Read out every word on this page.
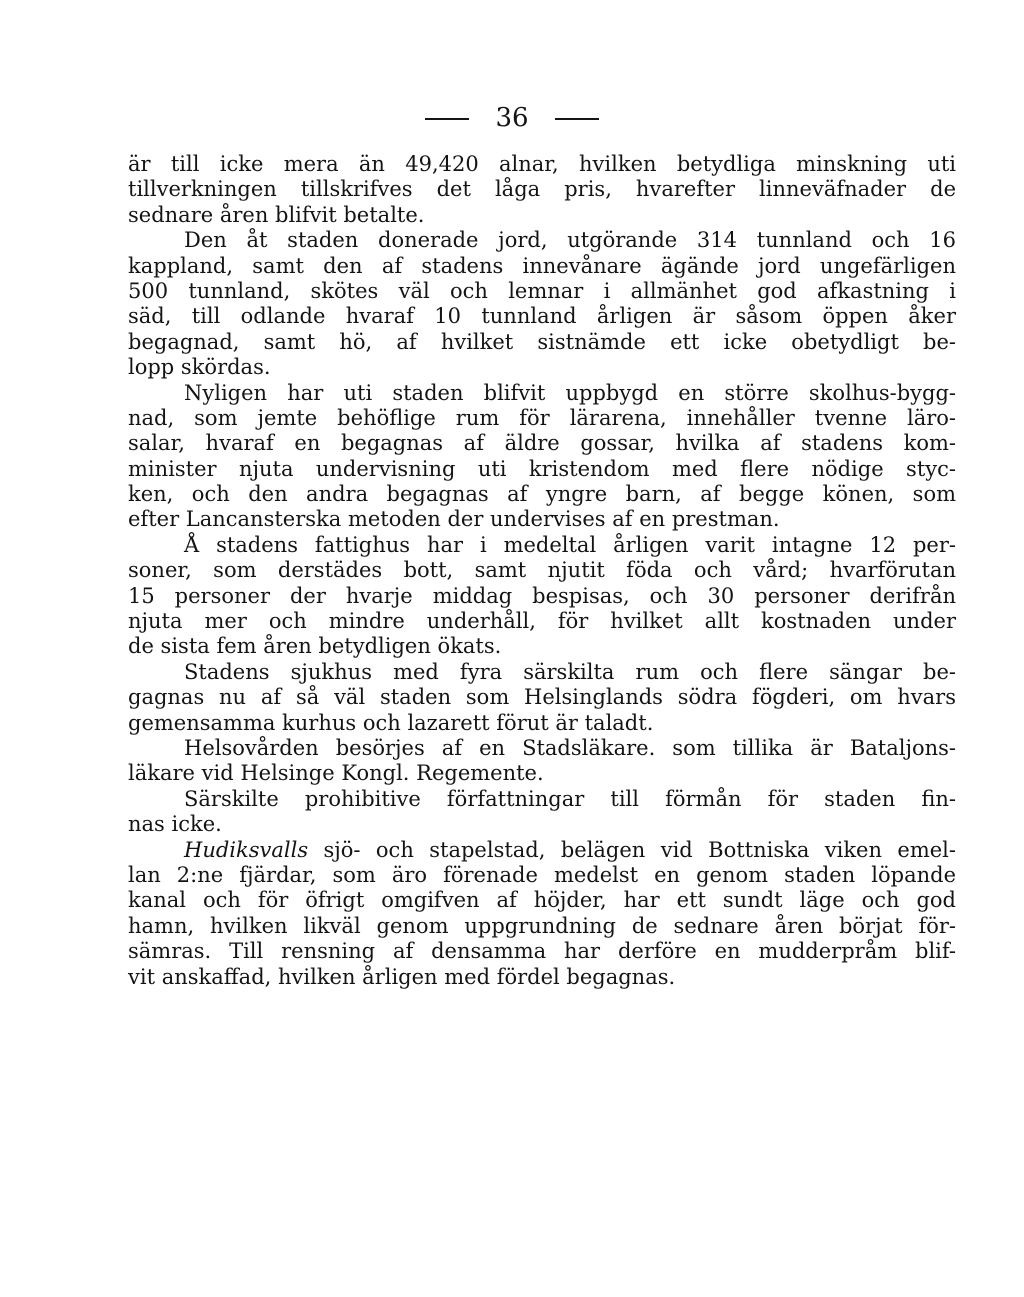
36
är till icke mera än 49,420 alnar, hvilken betydliga minskning uti
tillverkningen tillskrifves det låga pris, hvarefter linneväfnader de
sednare åren blifvit betalte.
Den åt staden donerade jord, utgörande 314 tunnland och 16
kappland, samt den af stadens innevånare ägände jord ungefärligen
500 tunnland, skötes väl och lemnar i allmänhet god afkastning i
säd, till odlande hvaraf 10 tunnland årligen är såsom öppen åker
begagnad, samt hö, af hvilket sistnämde ett icke obetydligt be-
lopp skördas.
Nyligen har uti staden blifvit uppbygd en större skolhus-bygg-
nad, som jemte behöflige rum för lärarena, innehåller tvenne läro-
salar, hvaraf en begagnas af äldre gossar, hvilka af stadens kom-
minister njuta undervisning uti kristendom med flere nödige styc-
ken, och den andra begagnas af yngre barn, af begge könen, som
efter Lancansterska metoden der undervises af en prestman.
Å stadens fattighus har i medeltal årligen varit intagne 12 per-
soner, som derstädes bott, samt njutit föda och vård; hvarförutan
15 personer der hvarje middag bespisas, och 30 personer derifrån
njuta mer och mindre underhåll, för hvilket allt kostnaden under
de sista fem åren betydligen ökats.
Stadens sjukhus med fyra särskilta rum och flere sängar be-
gagnas nu af så väl staden som Helsinglands södra fögderi, om hvars
gemensamma kurhus och lazarett förut är taladt.
Helsovården besörjes af en Stadsläkare. som tillika är Bataljons-
läkare vid Helsinge Kongl. Regemente.
Särskilte prohibitive författningar till förmån för staden fin-
nas icke.
Hudiksvalls sjö- och stapelstad, belägen vid Bottniska viken emel-
lan 2:ne fjärdar, som äro förenade medelst en genom staden löpande
kanal och för öfrigt omgifven af höjder, har ett sundt läge och god
hamn, hvilken likväl genom uppgrundning de sednare åren börjat för-
sämras. Till rensning af densamma har derföre en mudderpråm blif-
vit anskaffad, hvilken årligen med fördel begagnas.
